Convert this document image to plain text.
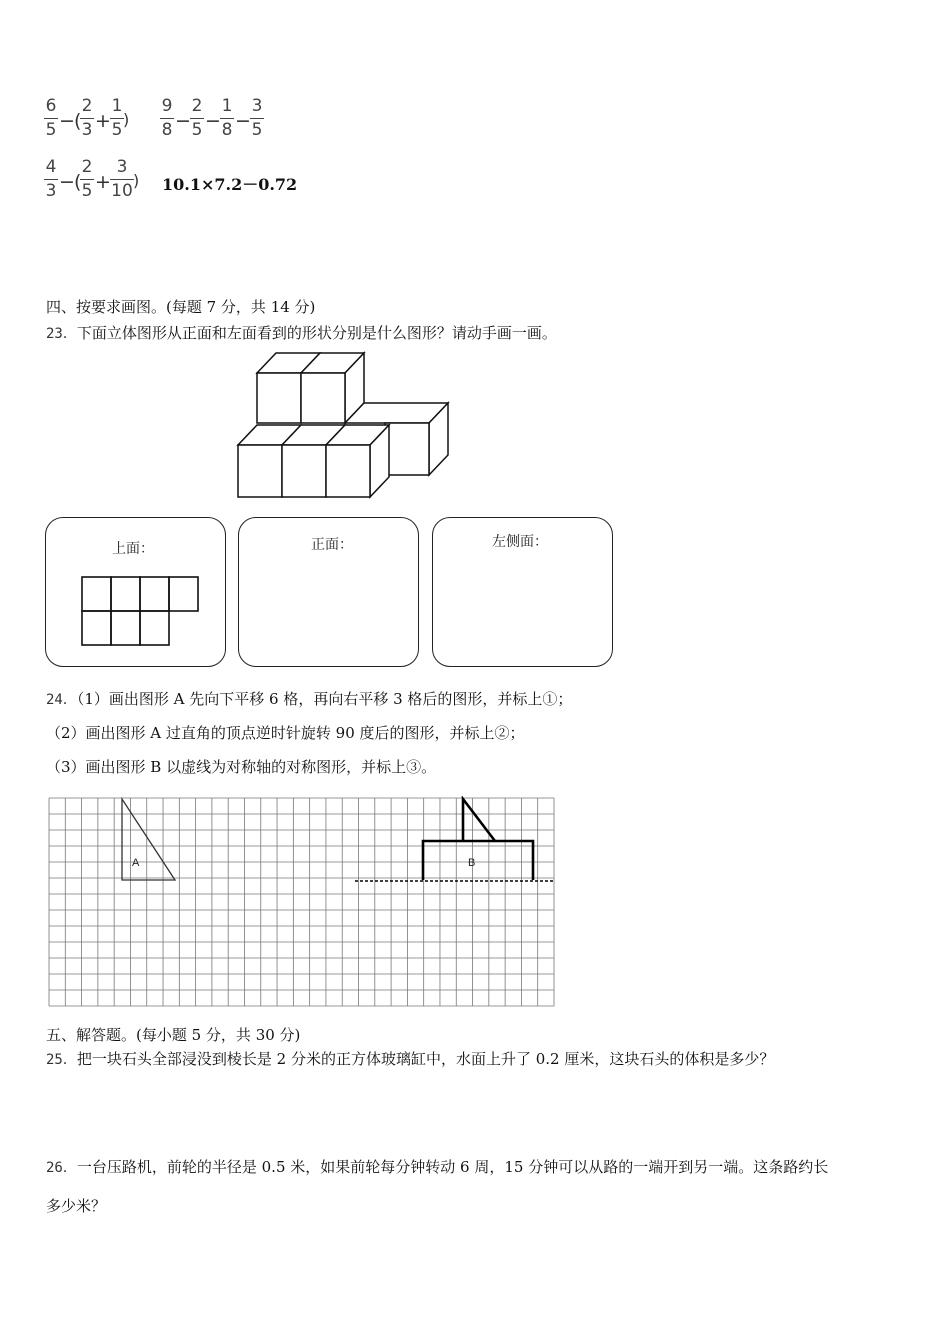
6
5 − (
2
3 +
1
5
)
9
8 −
2
5 −
1
8 −
3
5
4
3 − (
2
5 +
3
10
) 10.1×7.2－0.72
四、按要求画图。(每题 7 分，共 14 分)
23．下面立体图形从正面和左面看到的形状分别是什么图形？请动手画一画。
上面：	正面：	左侧面：
24．（1）画出图形 A 先向下平移 6 格，再向右平移 3 格后的图形，并标上①；
（2）画出图形 A 过直角的顶点逆时针旋转 90 度后的图形，并标上②；
（3）画出图形 B 以虚线为对称轴的对称图形，并标上③。
A	B
五、解答题。(每小题 5 分，共 30 分)
25．把一块石头全部浸没到棱长是 2 分米的正方体玻璃缸中，水面上升了 0.2 厘米，这块石头的体积是多少？
26．一台压路机，前轮的半径是 0.5 米，如果前轮每分钟转动 6 周，15 分钟可以从路的一端开到另一端。这条路约长
多少米？
